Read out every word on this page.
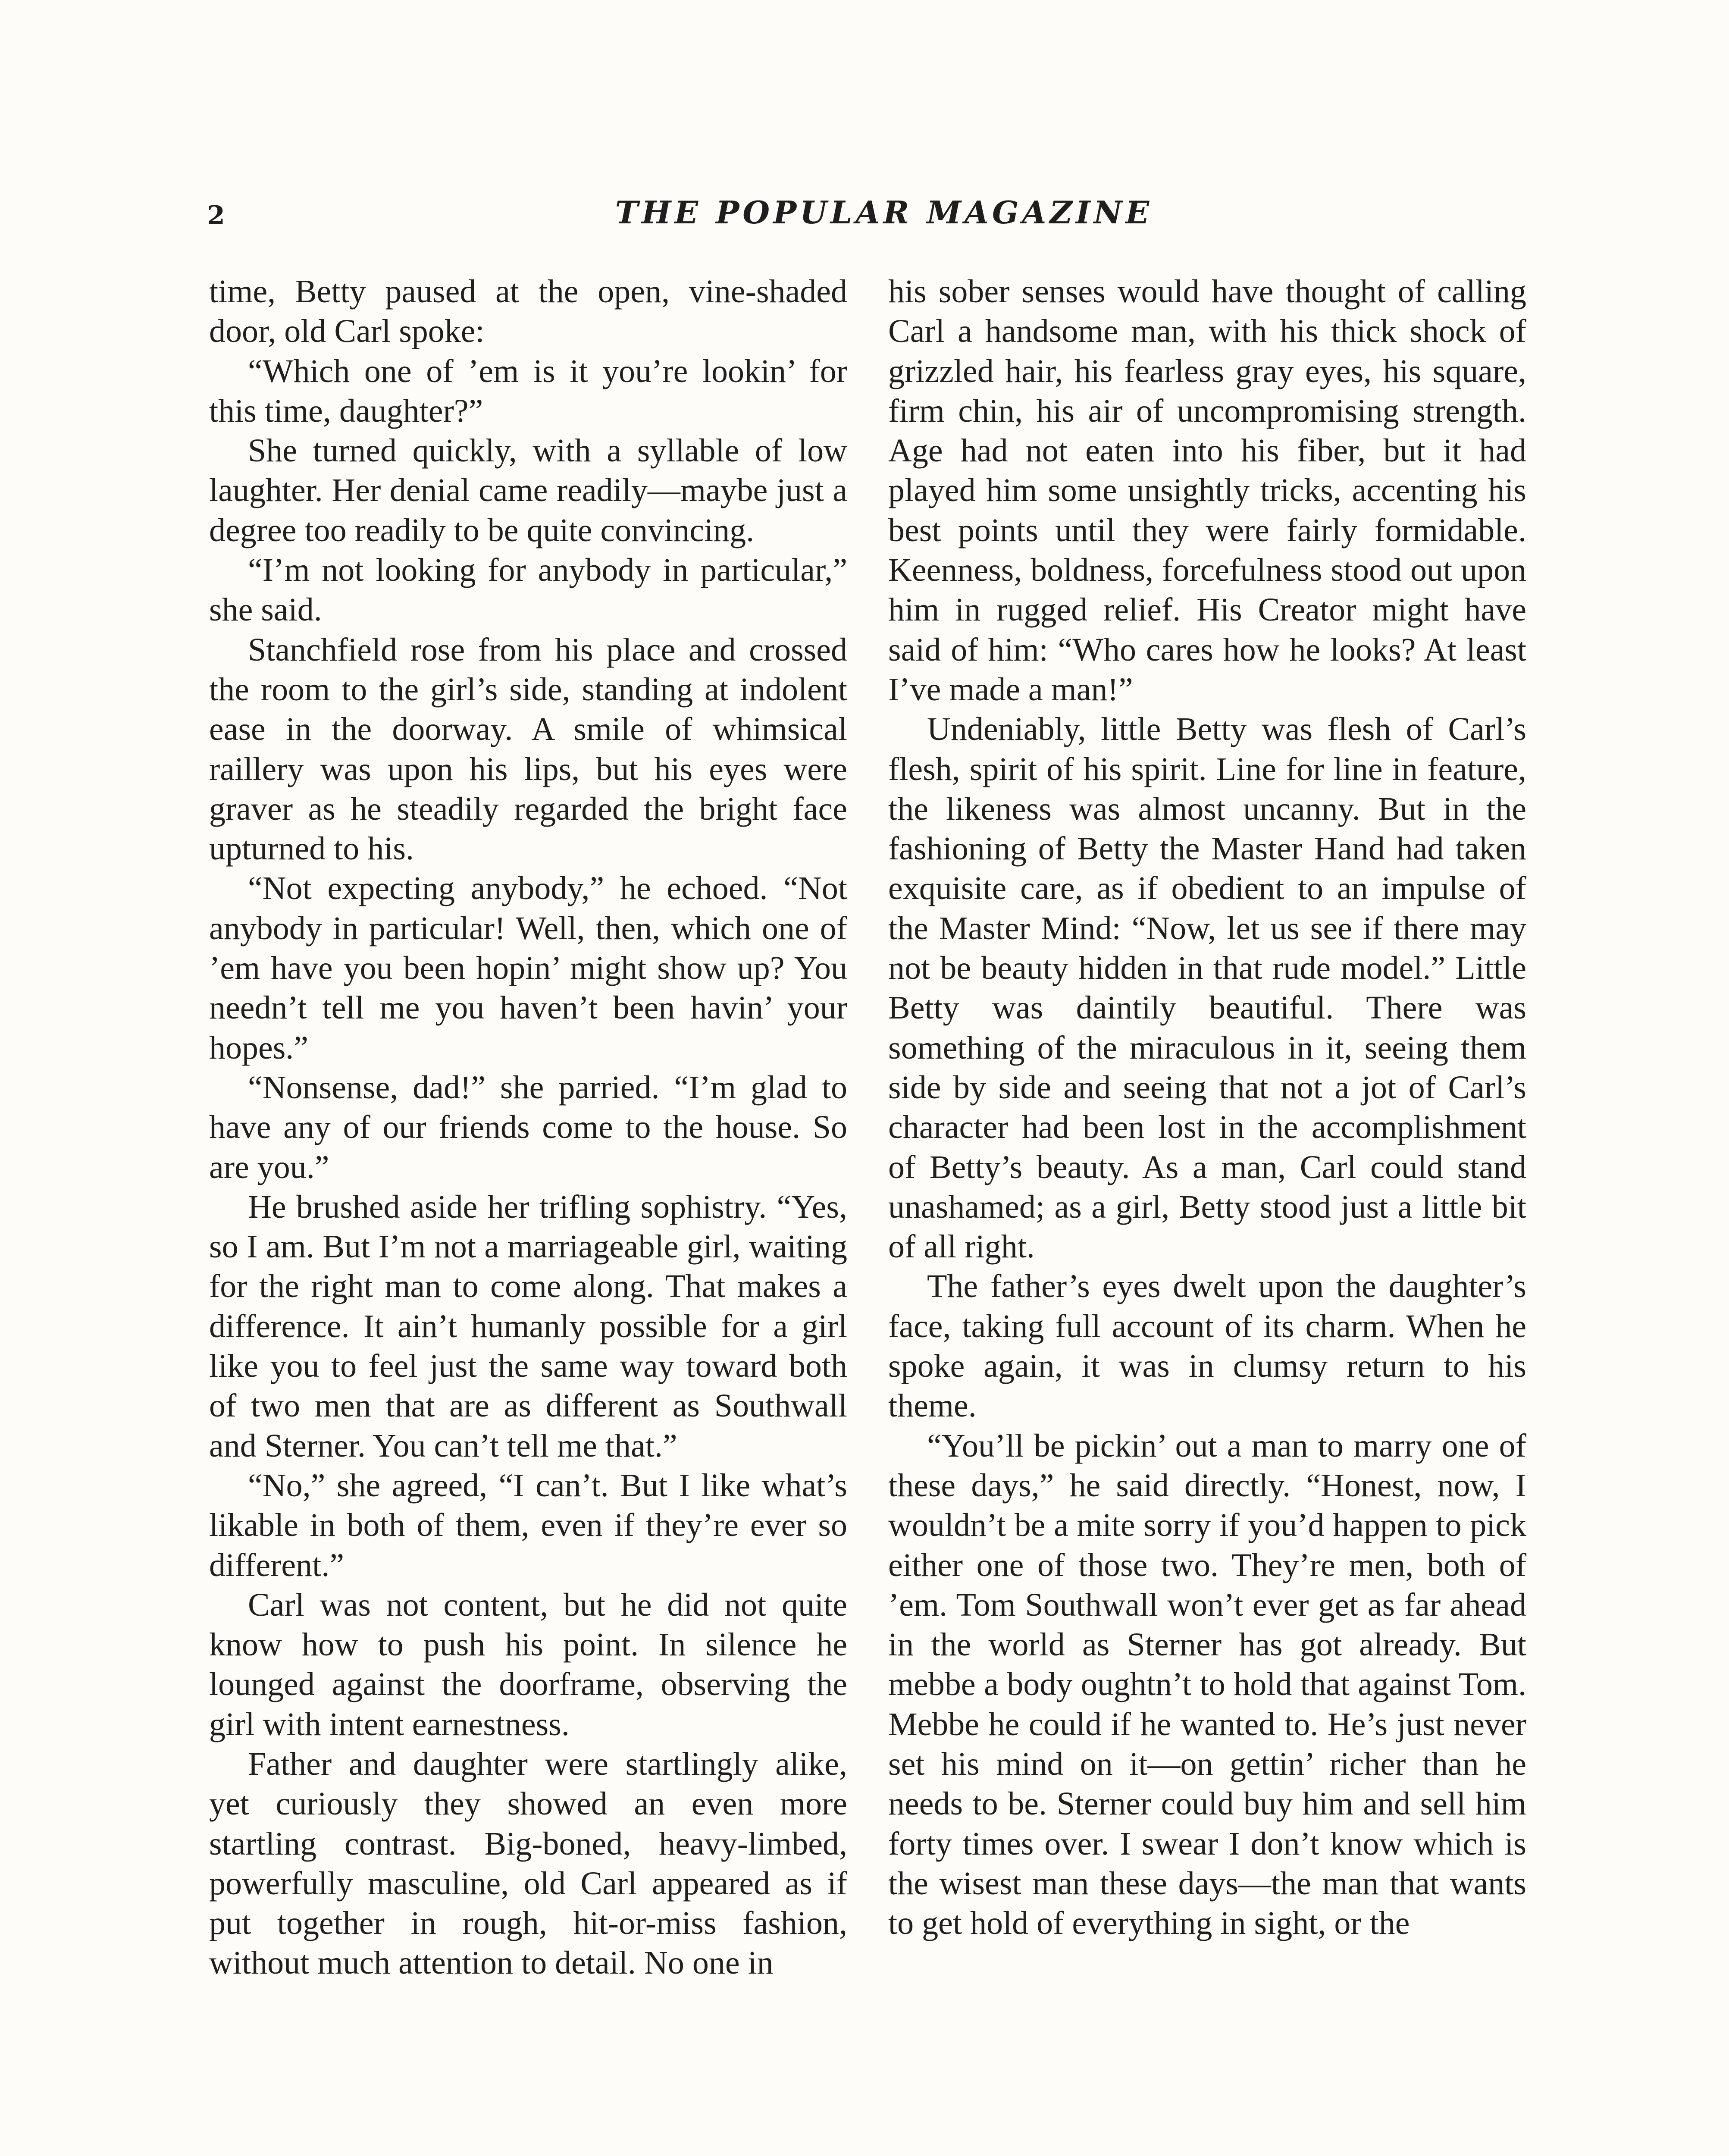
2	THE POPULAR MAGAZINE

time, Betty paused at the open, vine-shaded door, old Carl spoke:

“Which one of ’em is it you’re lookin’ for this time, daughter?”

She turned quickly, with a syllable of low laughter. Her denial came readily—maybe just a degree too readily to be quite convincing.

“I’m not looking for anybody in particular,” she said.

Stanchfield rose from his place and crossed the room to the girl’s side, standing at indolent ease in the doorway. A smile of whimsical raillery was upon his lips, but his eyes were graver as he steadily regarded the bright face upturned to his.

“Not expecting anybody,” he echoed. “Not anybody in particular! Well, then, which one of ’em have you been hopin’ might show up? You needn’t tell me you haven’t been havin’ your hopes.”

“Nonsense, dad!” she parried. “I’m glad to have any of our friends come to the house. So are you.”

He brushed aside her trifling sophistry. “Yes, so I am. But I’m not a marriageable girl, waiting for the right man to come along. That makes a difference. It ain’t humanly possible for a girl like you to feel just the same way toward both of two men that are as different as Southwall and Sterner. You can’t tell me that.”

“No,” she agreed, “I can’t. But I like what’s likable in both of them, even if they’re ever so different.”

Carl was not content, but he did not quite know how to push his point. In silence he lounged against the doorframe, observing the girl with intent earnestness.

Father and daughter were startlingly alike, yet curiously they showed an even more startling contrast. Big-boned, heavy-limbed, powerfully masculine, old Carl appeared as if put together in rough, hit-or-miss fashion, without much attention to detail. No one in

his sober senses would have thought of calling Carl a handsome man, with his thick shock of grizzled hair, his fearless gray eyes, his square, firm chin, his air of uncompromising strength. Age had not eaten into his fiber, but it had played him some unsightly tricks, accenting his best points until they were fairly formidable. Keenness, boldness, forcefulness stood out upon him in rugged relief. His Creator might have said of him: “Who cares how he looks? At least I’ve made a man!”

Undeniably, little Betty was flesh of Carl’s flesh, spirit of his spirit. Line for line in feature, the likeness was almost uncanny. But in the fashioning of Betty the Master Hand had taken exquisite care, as if obedient to an impulse of the Master Mind: “Now, let us see if there may not be beauty hidden in that rude model.” Little Betty was daintily beautiful. There was something of the miraculous in it, seeing them side by side and seeing that not a jot of Carl’s character had been lost in the accomplishment of Betty’s beauty. As a man, Carl could stand unashamed; as a girl, Betty stood just a little bit of all right.

The father’s eyes dwelt upon the daughter’s face, taking full account of its charm. When he spoke again, it was in clumsy return to his theme.

“You’ll be pickin’ out a man to marry one of these days,” he said directly. “Honest, now, I wouldn’t be a mite sorry if you’d happen to pick either one of those two. They’re men, both of ’em. Tom Southwall won’t ever get as far ahead in the world as Sterner has got already. But mebbe a body oughtn’t to hold that against Tom. Mebbe he could if he wanted to. He’s just never set his mind on it—on gettin’ richer than he needs to be. Sterner could buy him and sell him forty times over. I swear I don’t know which is the wisest man these days—the man that wants to get hold of everything in sight, or the
